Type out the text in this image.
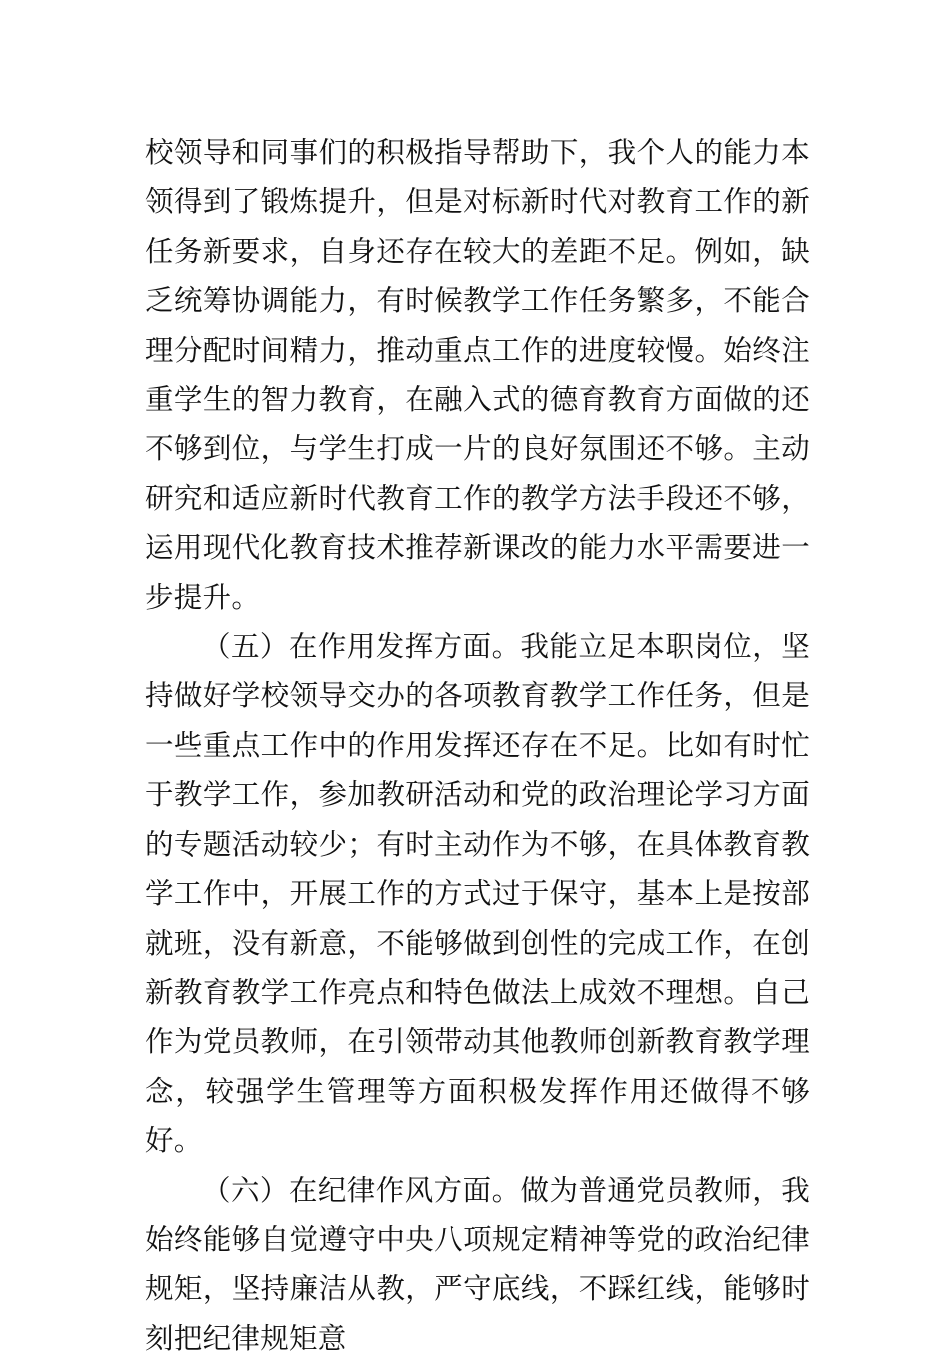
校领导和同事们的积极指导帮助下，我个人的能力本领得到了锻炼提升，但是对标新时代对教育工作的新任务新要求，自身还存在较大的差距不足。例如，缺乏统筹协调能力，有时候教学工作任务繁多，不能合理分配时间精力，推动重点工作的进度较慢。始终注重学生的智力教育，在融入式的德育教育方面做的还不够到位，与学生打成一片的良好氛围还不够。主动研究和适应新时代教育工作的教学方法手段还不够，运用现代化教育技术推荐新课改的能力水平需要进一步提升。

（五）在作用发挥方面。我能立足本职岗位，坚持做好学校领导交办的各项教育教学工作任务，但是一些重点工作中的作用发挥还存在不足。比如有时忙于教学工作，参加教研活动和党的政治理论学习方面的专题活动较少；有时主动作为不够，在具体教育教学工作中，开展工作的方式过于保守，基本上是按部就班，没有新意，不能够做到创性的完成工作，在创新教育教学工作亮点和特色做法上成效不理想。自己作为党员教师，在引领带动其他教师创新教育教学理念，较强学生管理等方面积极发挥作用还做得不够好。

（六）在纪律作风方面。做为普通党员教师，我始终能够自觉遵守中央八项规定精神等党的政治纪律规矩，坚持廉洁从教，严守底线，不踩红线，能够时刻把纪律规矩意
